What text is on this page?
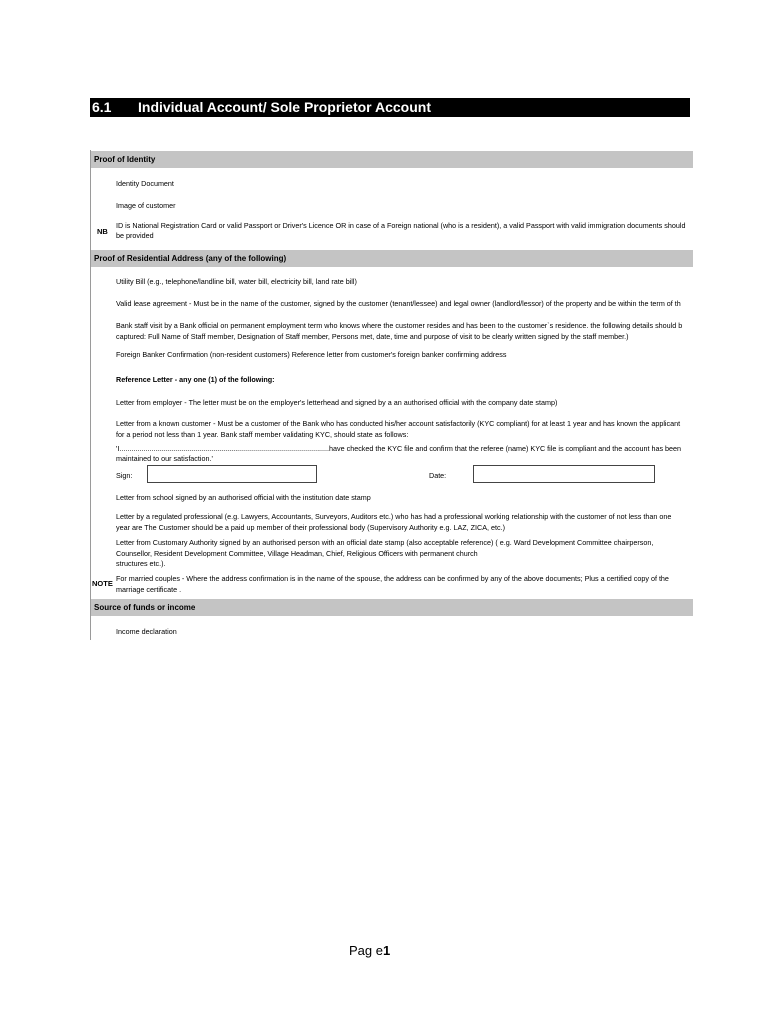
6.1 Individual Account/ Sole Proprietor Account
Proof of Identity
Identity Document
Image of customer
NB
ID is National Registration Card or valid Passport or Driver's Licence OR in case of a Foreign national (who is a resident), a valid Passport with valid immigration documents should be provided
Proof of Residential Address (any of the following)
Utility Bill (e.g., telephone/landline bill, water bill, electricity bill, land rate bill)
Valid lease agreement - Must be in the name of the customer, signed by the customer (tenant/lessee) and legal owner (landlord/lessor) of the property and be within the term of th
Bank staff visit by a Bank official on permanent employment term who knows where the customer resides and has been to the customer`s residence. the following details should b
captured: Full Name of Staff member, Designation of Staff member, Persons met, date, time and purpose of visit to be clearly written signed by the staff member.)
Foreign Banker Confirmation (non-resident customers) Reference letter from customer's foreign banker confirming address
Reference Letter - any one (1) of the following:
Letter from employer - The letter must be on the employer's letterhead and signed by a an authorised official with the company date stamp)
Letter from a known customer - Must be a customer of the Bank who has conducted his/her account satisfactorily (KYC compliant) for at least 1 year and has known the applicant
for a period not less than 1 year. Bank staff member validating KYC, should state as follows:
'I.........................................................................................................have checked the KYC file and confirm that the referee (name) KYC file is compliant and the account has been
maintained to our satisfaction.'
Sign:	Date:
Letter from school signed by an authorised official with the institution date stamp
Letter by a regulated professional (e.g. Lawyers, Accountants, Surveyors, Auditors etc.) who has had a professional working relationship with the customer of not less than one
year are The Customer should be a paid up member of their professional body (Supervisory Authority e.g. LAZ, ZICA, etc.)
Letter from Customary Authority signed by an authorised person with an official date stamp (also acceptable reference) ( e.g. Ward Development Committee chairperson,
Counsellor, Resident Development Committee, Village Headman, Chief, Religious Officers with permanent church
structures etc.).
NOTE
For married couples - Where the address confirmation is in the name of the spouse, the address can be confirmed by any of the above documents; Plus a certified copy of the
marriage certificate .
Source of funds or income
Income declaration
Pag e1
